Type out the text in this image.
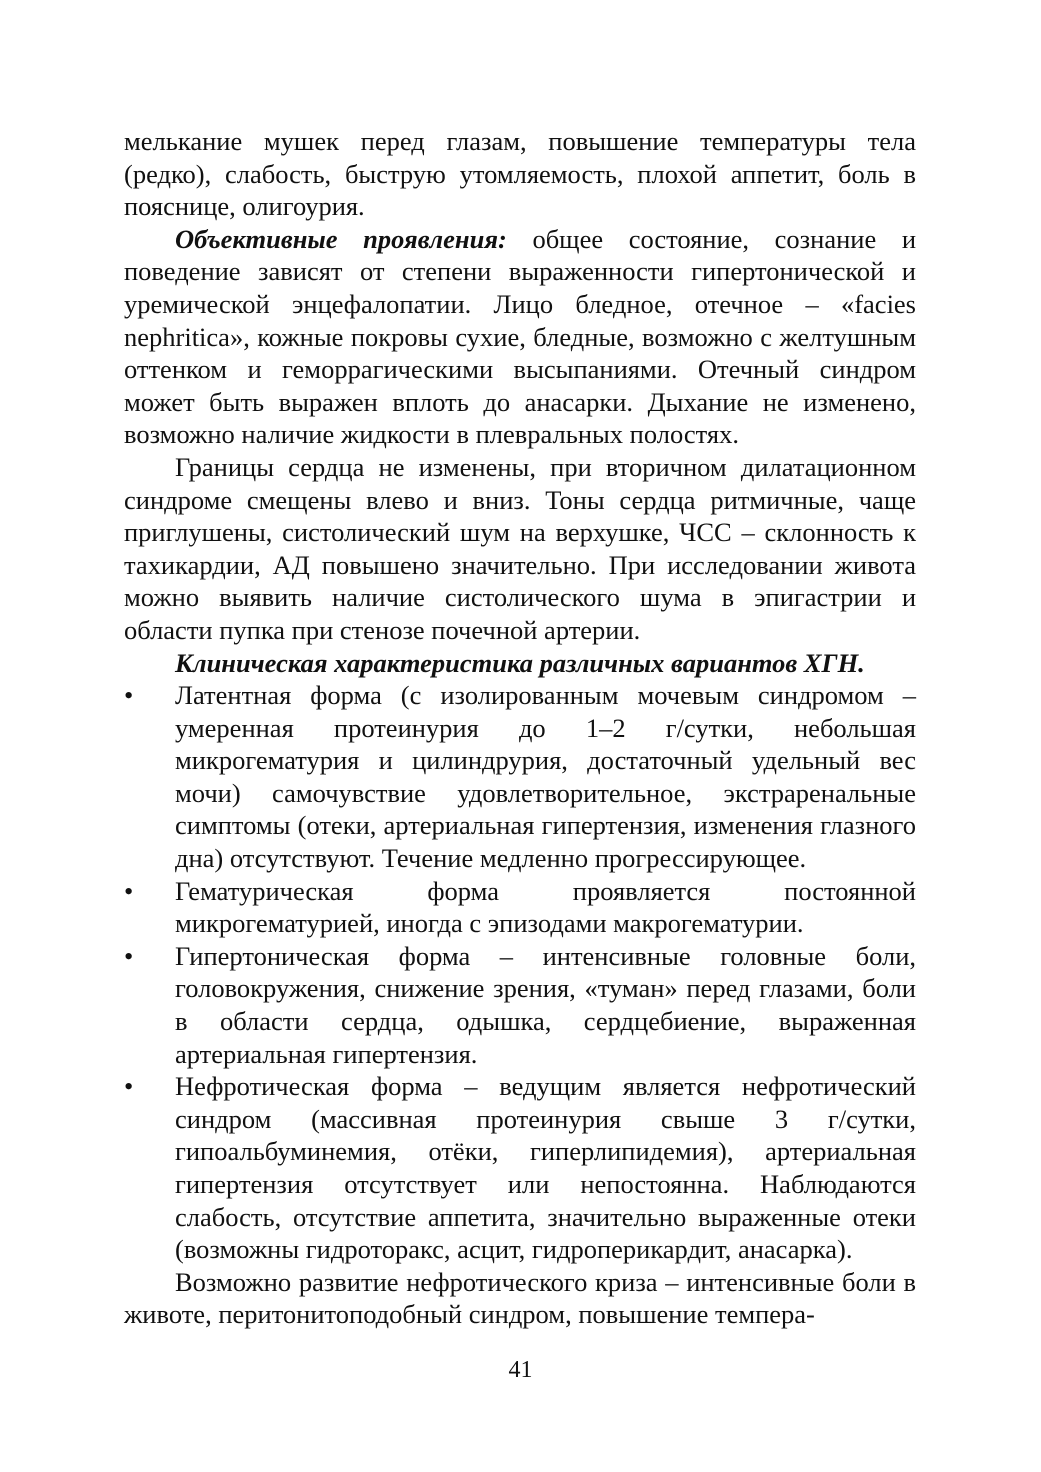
мелькание мушек перед глазам, повышение температуры тела (редко), слабость, быструю утомляемость, плохой аппетит, боль в пояснице, олигоурия.

Объективные проявления: общее состояние, сознание и поведение зависят от степени выраженности гипертонической и уремической энцефалопатии. Лицо бледное, отечное – «facies nephritica», кожные покровы сухие, бледные, возможно с желтушным оттенком и геморрагическими высыпаниями. Отечный синдром может быть выражен вплоть до анасарки. Дыхание не изменено, возможно наличие жидкости в плевральных полостях.

Границы сердца не изменены, при вторичном дилатационном синдроме смещены влево и вниз. Тоны сердца ритмичные, чаще приглушены, систолический шум на верхушке, ЧСС – склонность к тахикардии, АД повышено значительно. При исследовании живота можно выявить наличие систолического шума в эпигастрии и области пупка при стенозе почечной артерии.

Клиническая характеристика различных вариантов ХГН.

•	Латентная форма (с изолированным мочевым синдромом – умеренная протеинурия до 1–2 г/сутки, небольшая микрогематурия и цилиндрурия, достаточный удельный вес мочи) самочувствие удовлетворительное, экстраренальные симптомы (отеки, артериальная гипертензия, изменения глазного дна) отсутствуют. Течение медленно прогрессирующее.
•	Гематурическая форма проявляется постоянной микрогематурией, иногда с эпизодами макрогематурии.
•	Гипертоническая форма – интенсивные головные боли, головокружения, снижение зрения, «туман» перед глазами, боли в области сердца, одышка, сердцебиение, выраженная артериальная гипертензия.
•	Нефротическая форма – ведущим является нефротический синдром (массивная протеинурия свыше 3 г/сутки, гипоальбуминемия, отёки, гиперлипидемия), артериальная гипертензия отсутствует или непостоянна. Наблюдаются слабость, отсутствие аппетита, значительно выраженные отеки (возможны гидроторакс, асцит, гидроперикардит, анасарка).

Возможно развитие нефротического криза – интенсивные боли в животе, перитонитоподобный синдром, повышение темпера-

41
